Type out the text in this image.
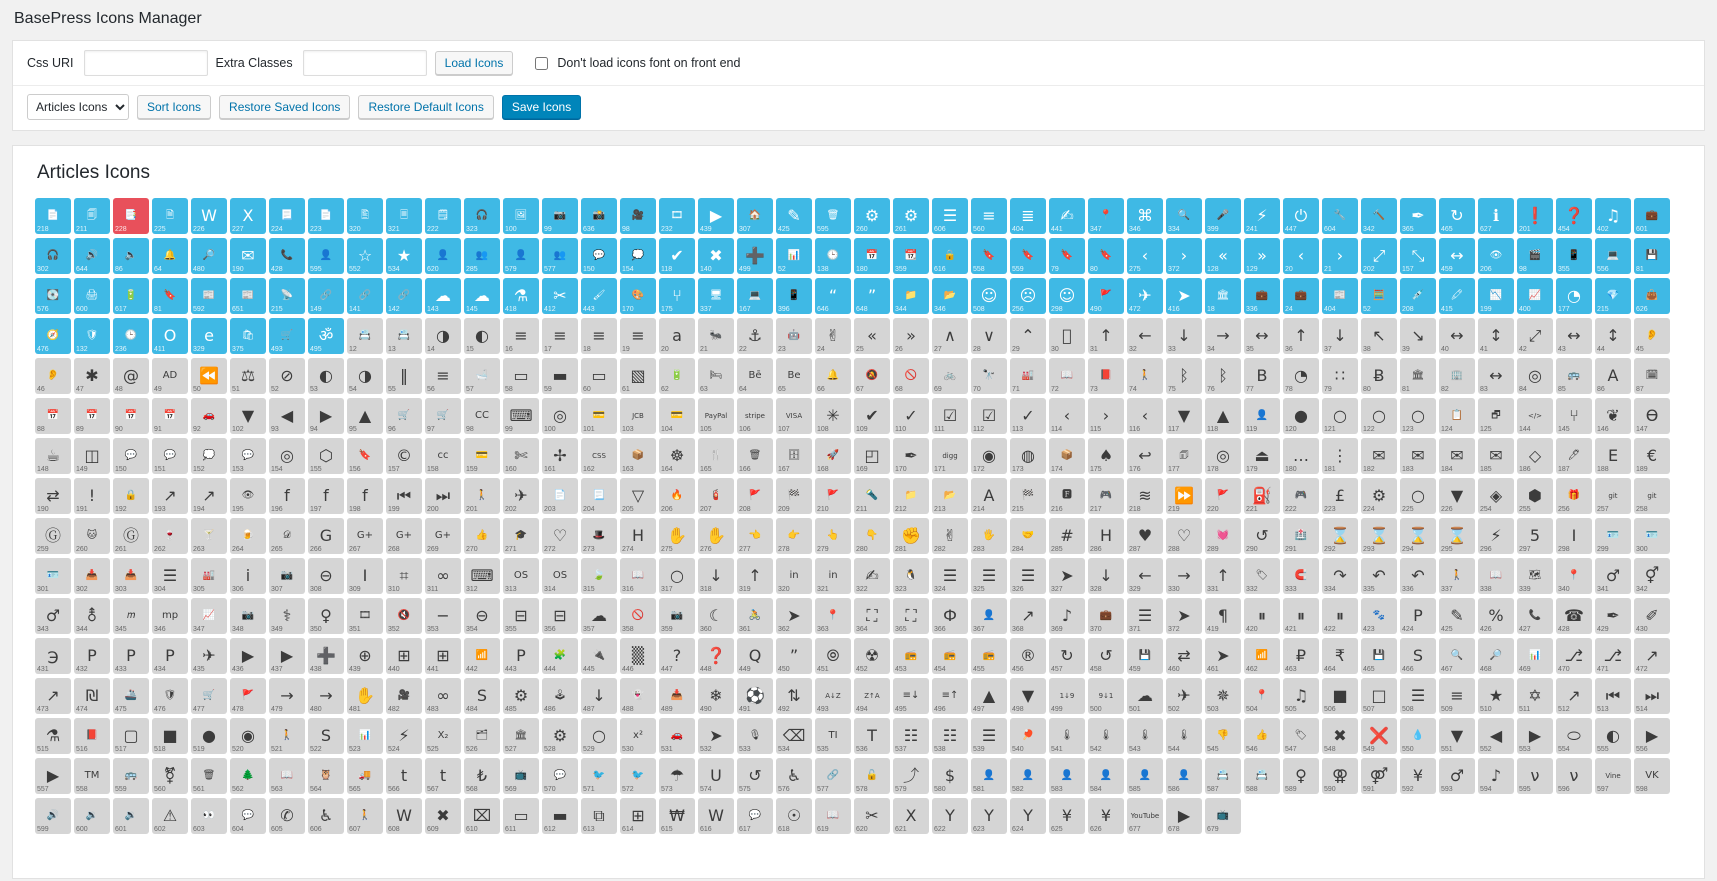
BasePress Icons Manager
Css URI	Extra Classes	Load Icons	Don't load icons font on front end
Articles Icons
Sort Icons	Restore Saved Icons	Restore Default Icons	Save Icons
Articles Icons
📄
218
🗐
211
📑
228
🗎
225
W
226
X
227
📃
224
📄
223
🖺
320
🗏
321
🗒
222
🎧
323
🖼
100
📷
99
📸
636
🎥
98
🎞
232
▶
439
🏠
307
✎
425
🗑
595
⚙
260
⚙
261
☰
606
≡
560
≣
404
✍
441
📍
347
⌘
346
🔍
334
🎤
399
⚡
241
⏻
447
🔧
604
🔨
342
✒
365
↻
465
ℹ
627
❗
201
❓
454
♫
402
💼
601
🎧
302
🔊
644
🔈
86
🔔
64
🔎
480
✉
190
📞
428
👤
595
☆
552
★
534
👤
620
👥
285
👤
579
👥
577
💬
150
💭
154
✔
118
✖
140
➕
499
📊
52
🕒
138
📅
180
📆
359
🔒
616
🔖
558
🔖
559
🔖
79
🔖
80
‹
275
›
372
«
128
»
129
‹
20
›
21
⤢
202
⤡
157
↔
459
👁
206
🎬
98
📱
355
💻
556
💾
81
💽
576
🖨
600
🔋
617
🔖
81
📰
592
📰
651
📡
215
🔗
149
🔗
141
🔗
142
☁
143
☁
145
⚗
418
✂
412
🖌
443
🎨
170
⑂
175
🖥
337
💻
167
📱
396
“
646
”
648
📁
344
📂
346
☺
508
☹
256
☺
298
🚩
490
✈
472
➤
416
🏛
18
💼
336
💼
24
📰
404
🧮
52
💉
208
🖍
415
📉
199
📈
400
◔
177
💎
215
👜
626
🧭
476
🛡
132
🕒
236
O
411
e
329
🛍
375
🛒
493
ॐ
495
📇
12
📇
13
◑
14
◐
15
≡
16
≡
17
≡
18
≡
19
a
20
🐜
21
⚓
22
🤖
23
✌
24
«
25
»
26
∧
27
∨
28
⌃
29	30
↑
31
←
32
↓
33
→
34
↔
35
↑
36
↓
37
↖
38
↘
39
↔
40
↕
41
⤢
42
↔
43
↕
44
👂
45
👂
46
✱
47
@
48
AD
49
⏪
50
⚖
51
⊘
52
◐
53
◑
54
‖
55
≡
56
🛁
57
▭
58
▬
59
▭
60
▧
61
🔋
62
🛏
63
Bē
64
Be
65
🔔
66
🔕
67
🚫
68
🚲
69
🔭
70
🏭
71
📖
72
📕
73
🚶
74
ᛒ
75
ᛒ
76
B
77
◔
78
∷
79
Ƀ
80
🏛
81
🏢
82
↔
83
◎
84
🚌
85
A
86
🗓
87
📅
88
📅
89
📅
90
📅
91
🚗
92
▼
102
◀
93
▶
94
▲
95
🛒
96
🛒
97
CC
98
⌨
99
◎
100
💳
101
JCB
103
💳
104
PayPal
105
stripe
106
VISA
107
✳
108
✔
109
✓
110
☑
111
☑
112
✓
113
‹
114
›
115
‹
116
▼
117
▲
118
👤
119
●
120
○
121
○
122
○
123
📋
124
🗗
125
</>
144
⑂
145
❦
146
Ѳ
147
☕
148
◫
149
💬
150
💬
151
💭
152
💬
153
◎
154
⬡
155
🔖
156
©
157
cc
158
💳
159
✄
160
✢
161
CSS
162
📦
163
☸
164
🍴
165
🗑
166
🗄
167
🚀
168
◰
169
✒
170
digg
171
◉
172
◍
173
📦
174
♠
175
↩
176
🗊
177
◎
178
⏏
179
…
180
⋮
181
✉
182
✉
183
✉
184
✉
185
◇
186
🖊
187
E
188
€
189
⇄
190
!
191
🔒
192
↗
193
↗
194
👁
195
f
196
f
197
f
198
⏮
199
⏭
200
🚶
201
✈
202
📄
203
📃
204
▽
205
🔥
206
🧯
207
🚩
208
🏁
209
🚩
210
🔦
211
📁
212
📂
213
A
214
🏁
215
🅵
216
🎮
217
≋
218
⏩
219
🚩
220
⛽
221
🎮
222
£
223
⚙
224
○
225
▼
226
◈
254
⬢
255
🎁
256
git
257
git
258
Ⓖ
259
🐱
260
Ⓖ
261
🍷
262
🍸
263
🍺
264
𝒟
265
G
266
G+
267
G+
268
G+
269
👍
270
🎓
271
♡
272
🎩
273
H
274
✋
275
✋
276
👈
277
👉
278
👆
279
👇
280
✊
281
✌
282
🖐
283
🤝
284
#
285
H
286
♥
287
♡
288
💓
289
↺
290
🏥
291
⌛
292
⌛
293
⌛
294
⌛
295
⚡
296
5
297
I
298
🪪
299
🪪
300
🪪
301
📥
302
📥
303
☰
304
🏭
305
i
306
📷
307
⊖
308
I
309
⌗
310
∞
311
⌨
312
OS
313
OS
314
🍃
315
📖
316
○
317
↓
318
↑
319
in
320
in
321
✍
322
🐧
323
☰
324
☰
325
☰
326
➤
327
↓
328
←
329
→
330
↑
331
🏷
332
🧲
333
↷
334
↶
335
↶
336
🚶
337
📖
338
🗺
339
📍
340
♂
341
⚥
342
♂
343
⚨
344
𝑚
345
mp
346
📈
347
📷
348
⚕
349
♀
350
🎞
351
🔇
352
−
353
⊖
354
⊟
355
⊟
356
☁
357
🚫
358
📷
359
☾
360
🚴
361
➤
362
📍
363
⛶
364
⛶
365
Ф
366
👤
367
↗
368
♪
369
💼
370
☰
371
➤
372
¶
419
⏸
420
⏸
421
⏸
422
🐾
423
P
424
✎
425
%
426
📞
427
☎
428
✒
429
✐
430
℈
431
P
432
P
433
P
434
✈
435
▶
436
▶
437
➕
438
⊕
439
⊞
440
⊞
441
📶
442
P
443
🧩
444
🔌
445
▒
446
?
447
❓
448
Q
449
”
450
⦾
451
☢
452
📻
453
📻
454
📻
455
®
456
↻
457
↺
458
💾
459
⇄
460
➤
461
📶
462
₽
463
₹
464
💾
465
S
466
🔍
467
🔎
468
📊
469
⎇
470
⎇
471
↗
472
↗
473
₪
474
🚢
475
🛡
476
🛒
477
🚩
478
→
479
→
480
✋
481
🎥
482
∞
483
S
484
⚙
485
🕹
486
↓
487
👻
488
📥
489
❄
490
⚽
491
⇅
492
A↓Z
493
Z↑A
494
≡↓
495
≡↑
496
▲
497
▼
498
1↓9
499
9↓1
500
☁
501
✈
502
✵
503
📍
504
♫
505
■
506
□
507
☰
508
≡
509
★
510
✡
511
↗
512
⏮
513
⏭
514
⚗
515
📕
516
▢
517
■
518
●
519
◉
520
🚶
521
S
522
📊
523
⚡
524
X₂
525
🗂
526
🏛
527
⚙
528
○
529
x²
530
🚗
531
➤
532
🎙
533
⌫
534
TI
535
T
536
☷
537
☷
538
☰
539
🏓
540
🌡
541
🌡
542
🌡
543
🌡
544
👎
545
👍
546
🏷
547
✖
548
❌
549
💧
550
▼
551
◀
552
▶
553
⬭
554
◐
555
▶
556
▶
557
TM
558
🚌
559
⚧
560
🗑
561
🌲
562
📖
563
🦉
564
🚚
565
t
566
t
567
₺
568
📺
569
💬
570
🐦
571
🐦
572
☂
573
U
574
↺
575
♿
576
🔗
577
🔓
578
⤴
579
$
580
👤
581
👤
582
👤
583
👤
584
👤
585
👤
586
📇
587
📇
588
♀
589
⚢
590
⚤
591
¥
592
♂
593
♪
594
ν
595
ν
596
Vine
597
VK
598
🔊
599
🔉
600
🔉
601
⚠
602
👀
603
💬
604
✆
605
♿
606
🚶
607
W
608
✖
609
⌧
610
▭
611
▬
612
⧉
613
⊞
614
₩
615
W
616
💬
617
☉
618
📖
619
✂
620
X
621
Y
622
Y
623
Y
624
¥
625
¥
626
YouTube
677
▶
678
📺
679
